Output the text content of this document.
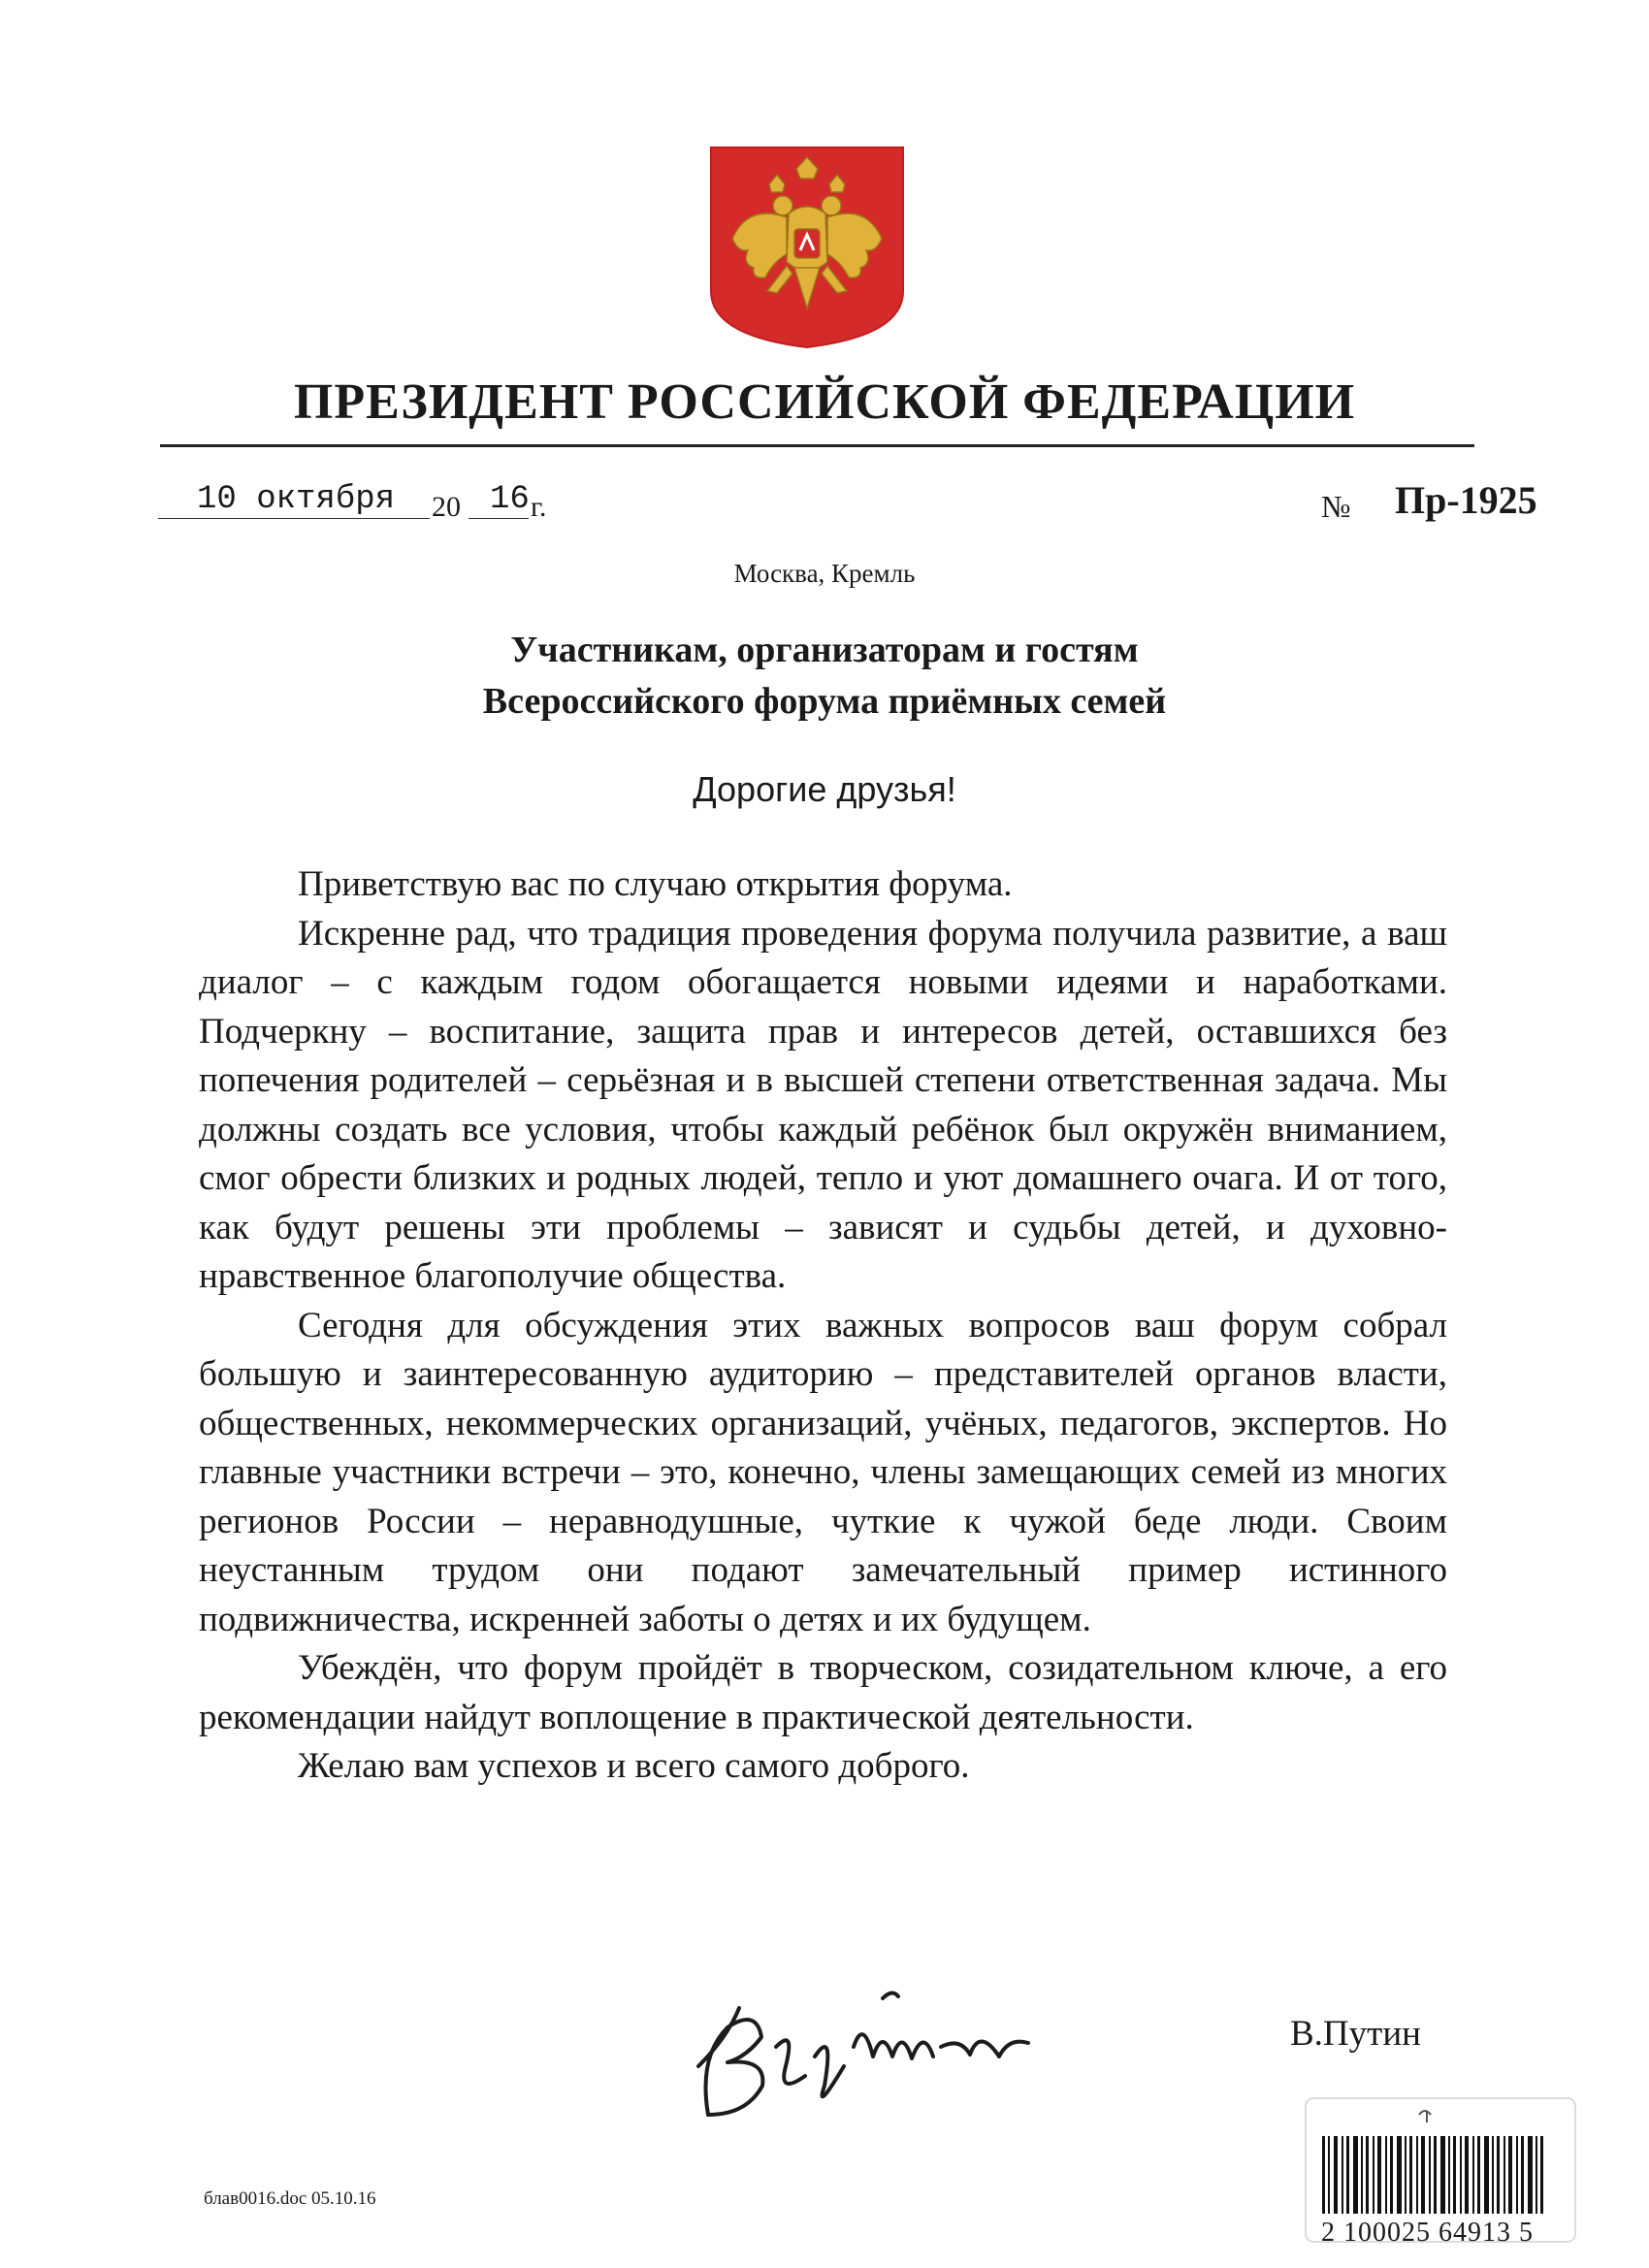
ПРЕЗИДЕНТ РОССИЙСКОЙ ФЕДЕРАЦИИ
10 октября 20 16 г.	№ Пр-1925
Москва, Кремль
Участникам, организаторам и гостям
Всероссийского форума приёмных семей
Дорогие друзья!

Приветствую вас по случаю открытия форума.

Искренне рад, что традиция проведения форума получила развитие, а ваш диалог – с каждым годом обогащается новыми идеями и наработками. Подчеркну – воспитание, защита прав и интересов детей, оставшихся без попечения родителей – серьёзная и в высшей степени ответственная задача. Мы должны создать все условия, чтобы каждый ребёнок был окружён вниманием, смог обрести близких и родных людей, тепло и уют домашнего очага. И от того, как будут решены эти проблемы – зависят и судьбы детей, и духовно-нравственное благополучие общества.

Сегодня для обсуждения этих важных вопросов ваш форум собрал большую и заинтересованную аудиторию – представителей органов власти, общественных, некоммерческих организаций, учёных, педагогов, экспертов. Но главные участники встречи – это, конечно, члены замещающих семей из многих регионов России – неравнодушные, чуткие к чужой беде люди. Своим неустанным трудом они подают замечательный пример истинного подвижничества, искренней заботы о детях и их будущем.

Убеждён, что форум пройдёт в творческом, созидательном ключе, а его рекомендации найдут воплощение в практической деятельности.

Желаю вам успехов и всего самого доброго.

В.Путин
блав0016.doc 05.10.16
2 100025 64913 5
